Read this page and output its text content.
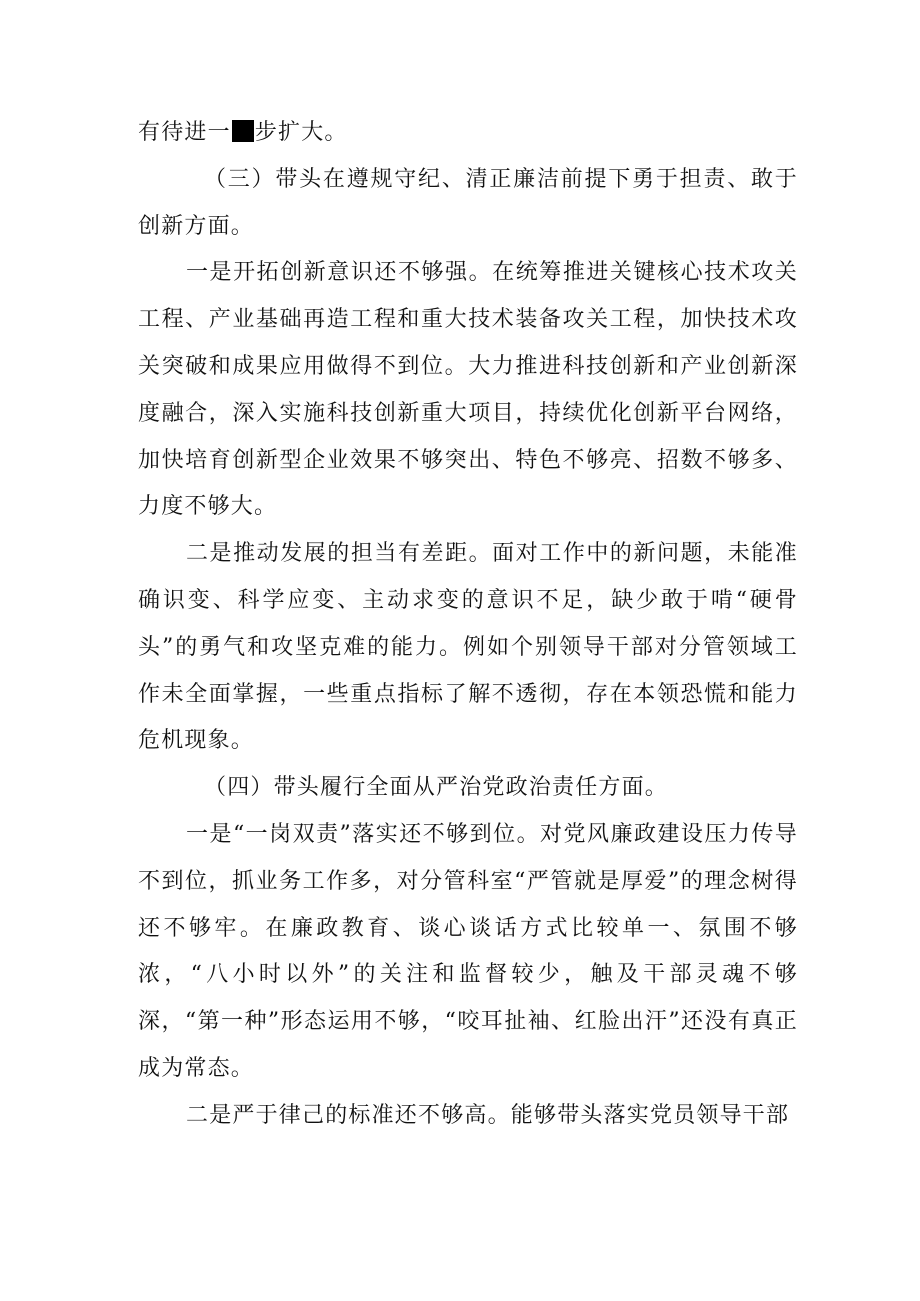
有待进一 步扩大。

（三）带头在遵规守纪、清正廉洁前提下勇于担责、敢于创新方面。

一是开拓创新意识还不够强。在统筹推进关键核心技术攻关工程、产业基础再造工程和重大技术装备攻关工程，加快技术攻关突破和成果应用做得不到位。大力推进科技创新和产业创新深度融合，深入实施科技创新重大项目，持续优化创新平台网络，加快培育创新型企业效果不够突出、特色不够亮、招数不够多、力度不够大。

二是推动发展的担当有差距。面对工作中的新问题，未能准确识变、科学应变、主动求变的意识不足，缺少敢于啃“硬骨头”的勇气和攻坚克难的能力。例如个别领导干部对分管领域工作未全面掌握，一些重点指标了解不透彻，存在本领恐慌和能力危机现象。

（四）带头履行全面从严治党政治责任方面。

一是“一岗双责”落实还不够到位。对党风廉政建设压力传导不到位，抓业务工作多，对分管科室“严管就是厚爱”的理念树得还不够牢。在廉政教育、谈心谈话方式比较单一、氛围不够浓，“八小时以外”的关注和监督较少，触及干部灵魂不够深，“第一种”形态运用不够，“咬耳扯袖、红脸出汗”还没有真正成为常态。

二是严于律己的标准还不够高。能够带头落实党员领导干部
